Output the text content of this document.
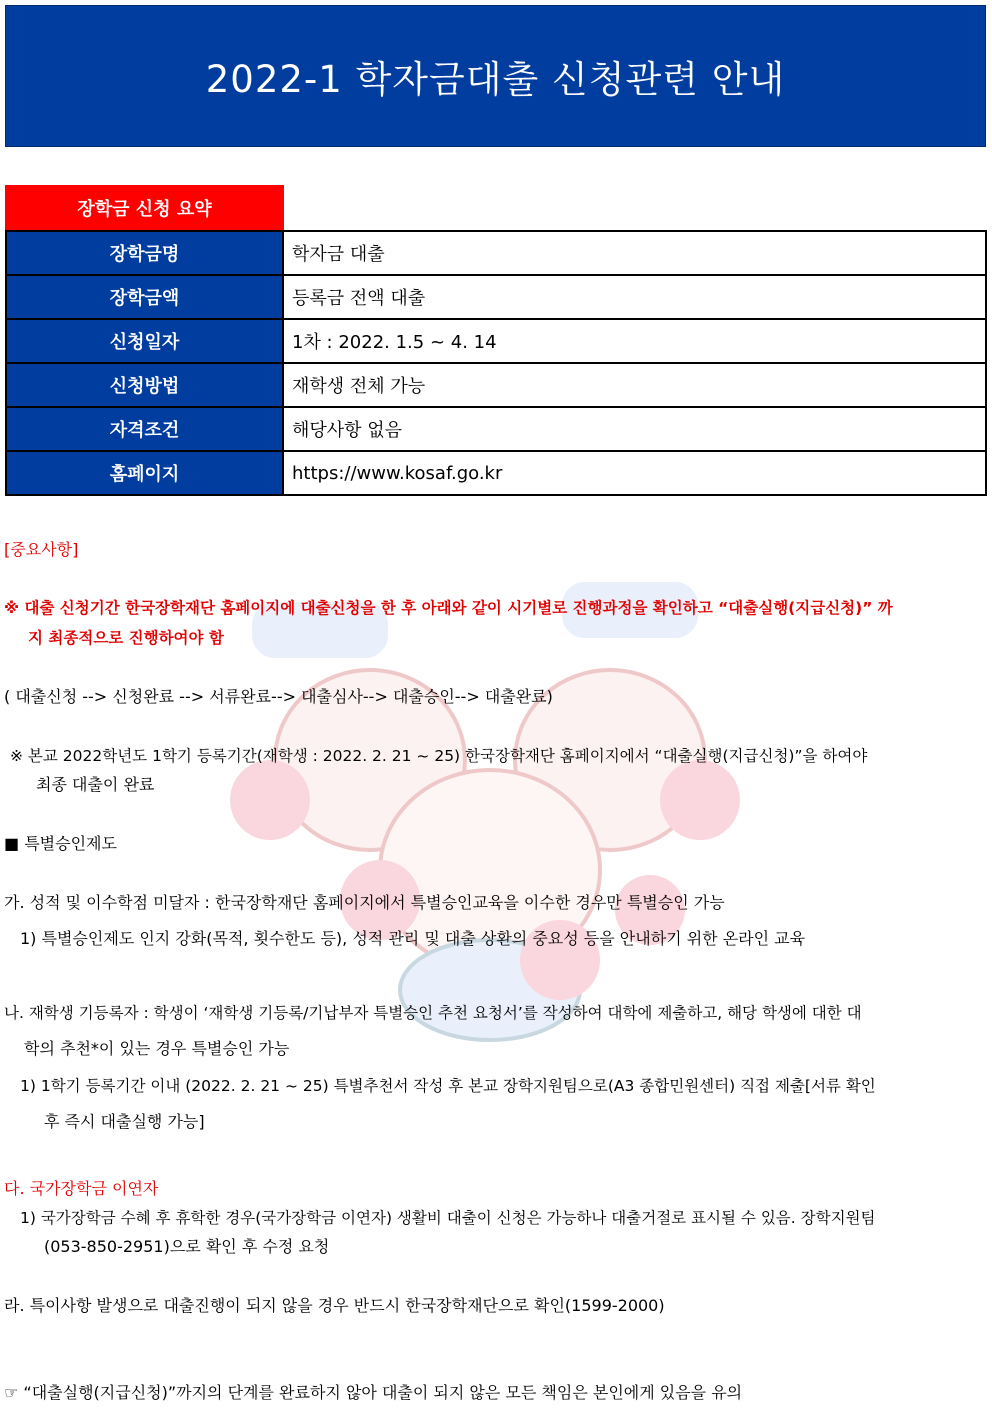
2022-1 학자금대출 신청관련 안내
장학금 신청 요약
장학금명	학자금 대출
장학금액	등록금 전액 대출
신청일자	1차 : 2022. 1.5 ~ 4. 14
신청방법	재학생 전체 가능
자격조건	해당사항 없음
홈페이지	https://www.kosaf.go.kr
[중요사항]
※ 대출 신청기간 한국장학재단 홈페이지에 대출신청을 한 후 아래와 같이 시기별로 진행과정을 확인하고 “대출실행(지급신청)” 까
지 최종적으로 진행하여야 함
( 대출신청 --> 신청완료 --> 서류완료--> 대출심사--> 대출승인--> 대출완료)
※ 본교 2022학년도 1학기 등록기간(재학생 : 2022. 2. 21 ~ 25) 한국장학재단 홈페이지에서 “대출실행(지급신청)”을 하여야
최종 대출이 완료
■ 특별승인제도
가. 성적 및 이수학점 미달자 : 한국장학재단 홈페이지에서 특별승인교육을 이수한 경우만 특별승인 가능
1) 특별승인제도 인지 강화(목적, 횟수한도 등), 성적 관리 및 대출 상환의 중요성 등을 안내하기 위한 온라인 교육
나. 재학생 기등록자 : 학생이 ‘재학생 기등록/기납부자 특별승인 추천 요청서’를 작성하여 대학에 제출하고, 해당 학생에 대한 대
학의 추천*이 있는 경우 특별승인 가능
1) 1학기 등록기간 이내 (2022. 2. 21 ~ 25) 특별추천서 작성 후 본교 장학지원팀으로(A3 종합민원센터) 직접 제출[서류 확인
후 즉시 대출실행 가능]
다. 국가장학금 이연자
1) 국가장학금 수혜 후 휴학한 경우(국가장학금 이연자) 생활비 대출이 신청은 가능하나 대출거절로 표시될 수 있음. 장학지원팀
(053-850-2951)으로 확인 후 수정 요청
라. 특이사항 발생으로 대출진행이 되지 않을 경우 반드시 한국장학재단으로 확인(1599-2000)
☞ “대출실행(지급신청)”까지의 단계를 완료하지 않아 대출이 되지 않은 모든 책임은 본인에게 있음을 유의
